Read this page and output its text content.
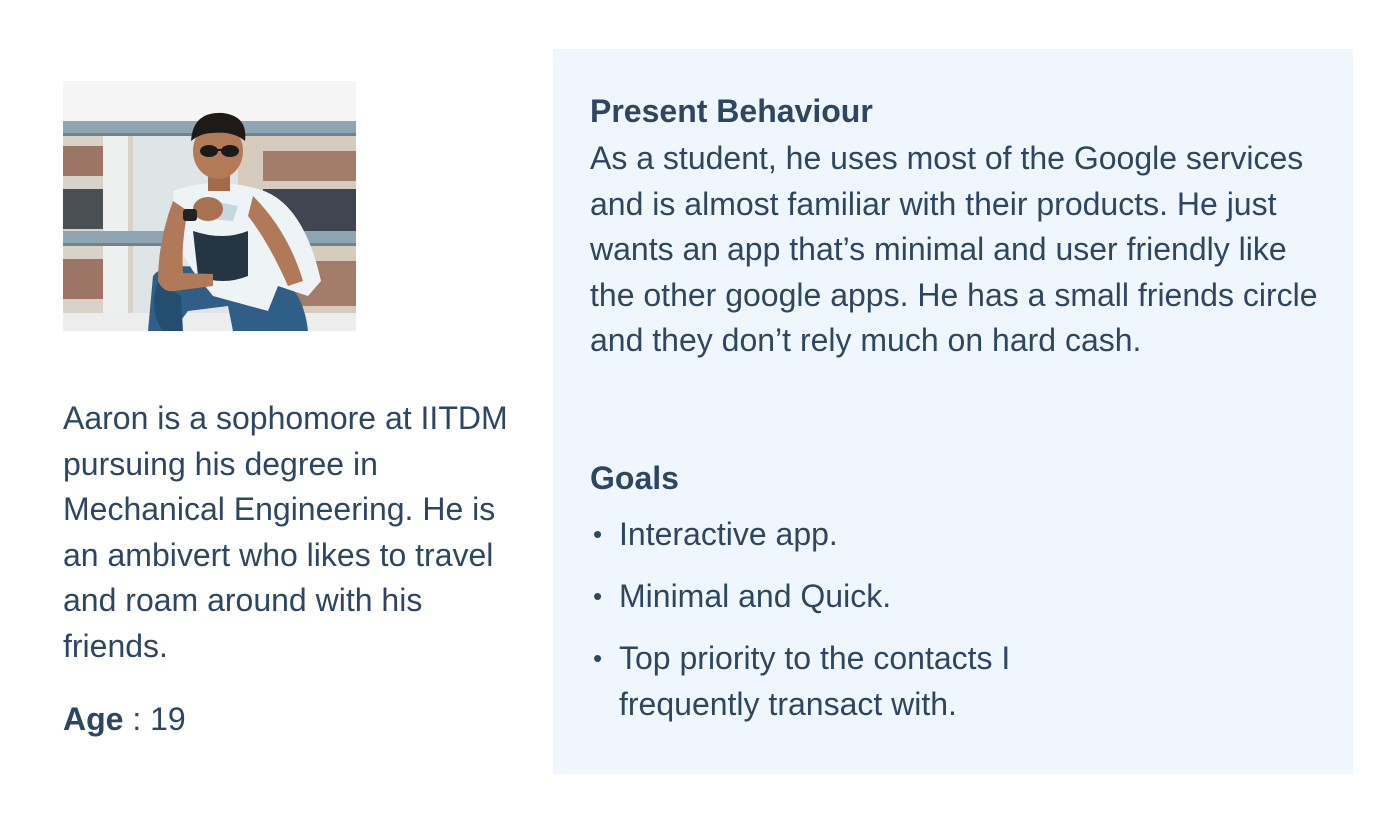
Aaron is a sophomore at IITDM pursuing his degree in Mechanical Engineering. He is an ambivert who likes to travel and roam around with his friends.

Age : 19

Present Behaviour

As a student, he uses most of the Google services and is almost familiar with their products. He just wants an app that’s minimal and user friendly like the other google apps. He has a small friends circle and they don’t rely much on hard cash.

Goals
• Interactive app.
• Minimal and Quick.
• Top priority to the contacts I frequently transact with.
